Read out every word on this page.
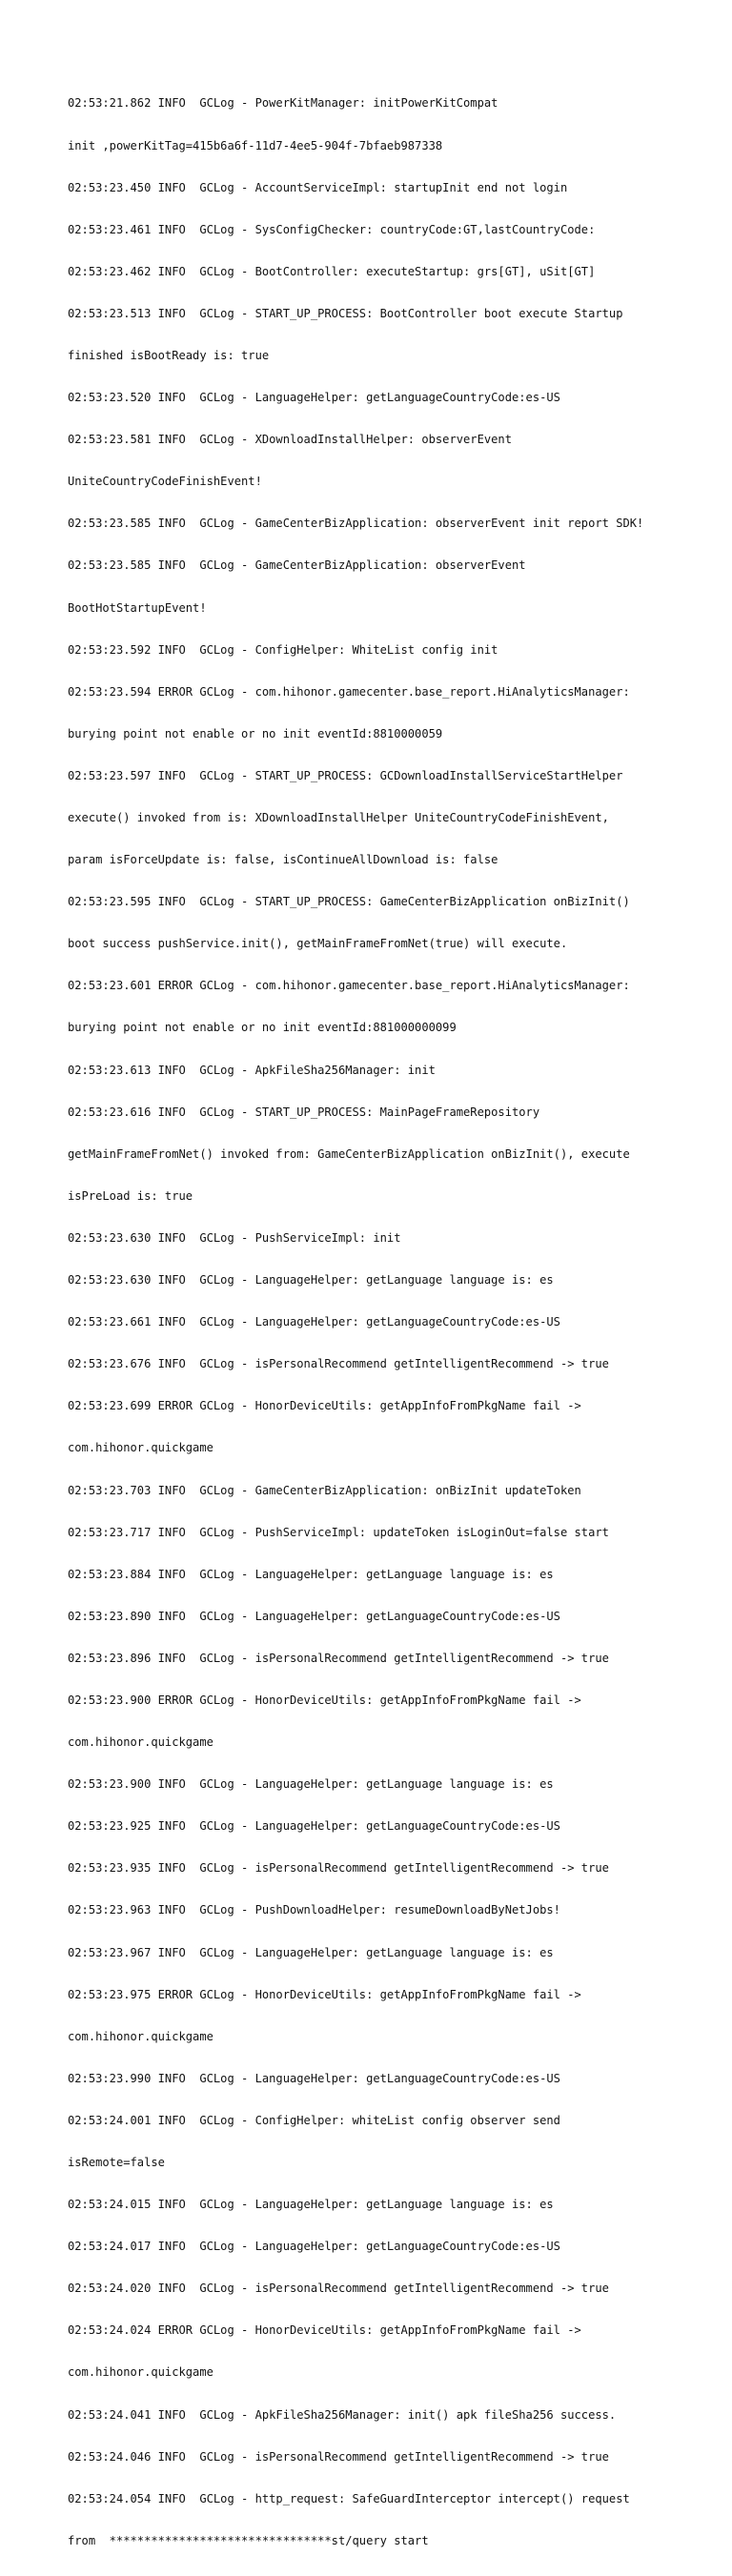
02:53:21.862 INFO  GCLog - PowerKitManager: initPowerKitCompat

init ,powerKitTag=415b6a6f-11d7-4ee5-904f-7bfaeb987338

02:53:23.450 INFO  GCLog - AccountServiceImpl: startupInit end not login

02:53:23.461 INFO  GCLog - SysConfigChecker: countryCode:GT,lastCountryCode:

02:53:23.462 INFO  GCLog - BootController: executeStartup: grs[GT], uSit[GT]

02:53:23.513 INFO  GCLog - START_UP_PROCESS: BootController boot execute Startup

finished isBootReady is: true

02:53:23.520 INFO  GCLog - LanguageHelper: getLanguageCountryCode:es-US

02:53:23.581 INFO  GCLog - XDownloadInstallHelper: observerEvent

UniteCountryCodeFinishEvent!

02:53:23.585 INFO  GCLog - GameCenterBizApplication: observerEvent init report SDK!

02:53:23.585 INFO  GCLog - GameCenterBizApplication: observerEvent

BootHotStartupEvent!

02:53:23.592 INFO  GCLog - ConfigHelper: WhiteList config init

02:53:23.594 ERROR GCLog - com.hihonor.gamecenter.base_report.HiAnalyticsManager:

burying point not enable or no init eventId:8810000059

02:53:23.597 INFO  GCLog - START_UP_PROCESS: GCDownloadInstallServiceStartHelper

execute() invoked from is: XDownloadInstallHelper UniteCountryCodeFinishEvent,

param isForceUpdate is: false, isContinueAllDownload is: false

02:53:23.595 INFO  GCLog - START_UP_PROCESS: GameCenterBizApplication onBizInit()

boot success pushService.init(), getMainFrameFromNet(true) will execute.

02:53:23.601 ERROR GCLog - com.hihonor.gamecenter.base_report.HiAnalyticsManager:

burying point not enable or no init eventId:881000000099

02:53:23.613 INFO  GCLog - ApkFileSha256Manager: init

02:53:23.616 INFO  GCLog - START_UP_PROCESS: MainPageFrameRepository

getMainFrameFromNet() invoked from: GameCenterBizApplication onBizInit(), execute

isPreLoad is: true

02:53:23.630 INFO  GCLog - PushServiceImpl: init

02:53:23.630 INFO  GCLog - LanguageHelper: getLanguage language is: es

02:53:23.661 INFO  GCLog - LanguageHelper: getLanguageCountryCode:es-US

02:53:23.676 INFO  GCLog - isPersonalRecommend getIntelligentRecommend -> true

02:53:23.699 ERROR GCLog - HonorDeviceUtils: getAppInfoFromPkgName fail ->

com.hihonor.quickgame

02:53:23.703 INFO  GCLog - GameCenterBizApplication: onBizInit updateToken

02:53:23.717 INFO  GCLog - PushServiceImpl: updateToken isLoginOut=false start

02:53:23.884 INFO  GCLog - LanguageHelper: getLanguage language is: es

02:53:23.890 INFO  GCLog - LanguageHelper: getLanguageCountryCode:es-US

02:53:23.896 INFO  GCLog - isPersonalRecommend getIntelligentRecommend -> true

02:53:23.900 ERROR GCLog - HonorDeviceUtils: getAppInfoFromPkgName fail ->

com.hihonor.quickgame

02:53:23.900 INFO  GCLog - LanguageHelper: getLanguage language is: es

02:53:23.925 INFO  GCLog - LanguageHelper: getLanguageCountryCode:es-US

02:53:23.935 INFO  GCLog - isPersonalRecommend getIntelligentRecommend -> true

02:53:23.963 INFO  GCLog - PushDownloadHelper: resumeDownloadByNetJobs!

02:53:23.967 INFO  GCLog - LanguageHelper: getLanguage language is: es

02:53:23.975 ERROR GCLog - HonorDeviceUtils: getAppInfoFromPkgName fail ->

com.hihonor.quickgame

02:53:23.990 INFO  GCLog - LanguageHelper: getLanguageCountryCode:es-US

02:53:24.001 INFO  GCLog - ConfigHelper: whiteList config observer send

isRemote=false

02:53:24.015 INFO  GCLog - LanguageHelper: getLanguage language is: es

02:53:24.017 INFO  GCLog - LanguageHelper: getLanguageCountryCode:es-US

02:53:24.020 INFO  GCLog - isPersonalRecommend getIntelligentRecommend -> true

02:53:24.024 ERROR GCLog - HonorDeviceUtils: getAppInfoFromPkgName fail ->

com.hihonor.quickgame

02:53:24.041 INFO  GCLog - ApkFileSha256Manager: init() apk fileSha256 success.

02:53:24.046 INFO  GCLog - isPersonalRecommend getIntelligentRecommend -> true

02:53:24.054 INFO  GCLog - http_request: SafeGuardInterceptor intercept() request

from  ********************************st/query start
